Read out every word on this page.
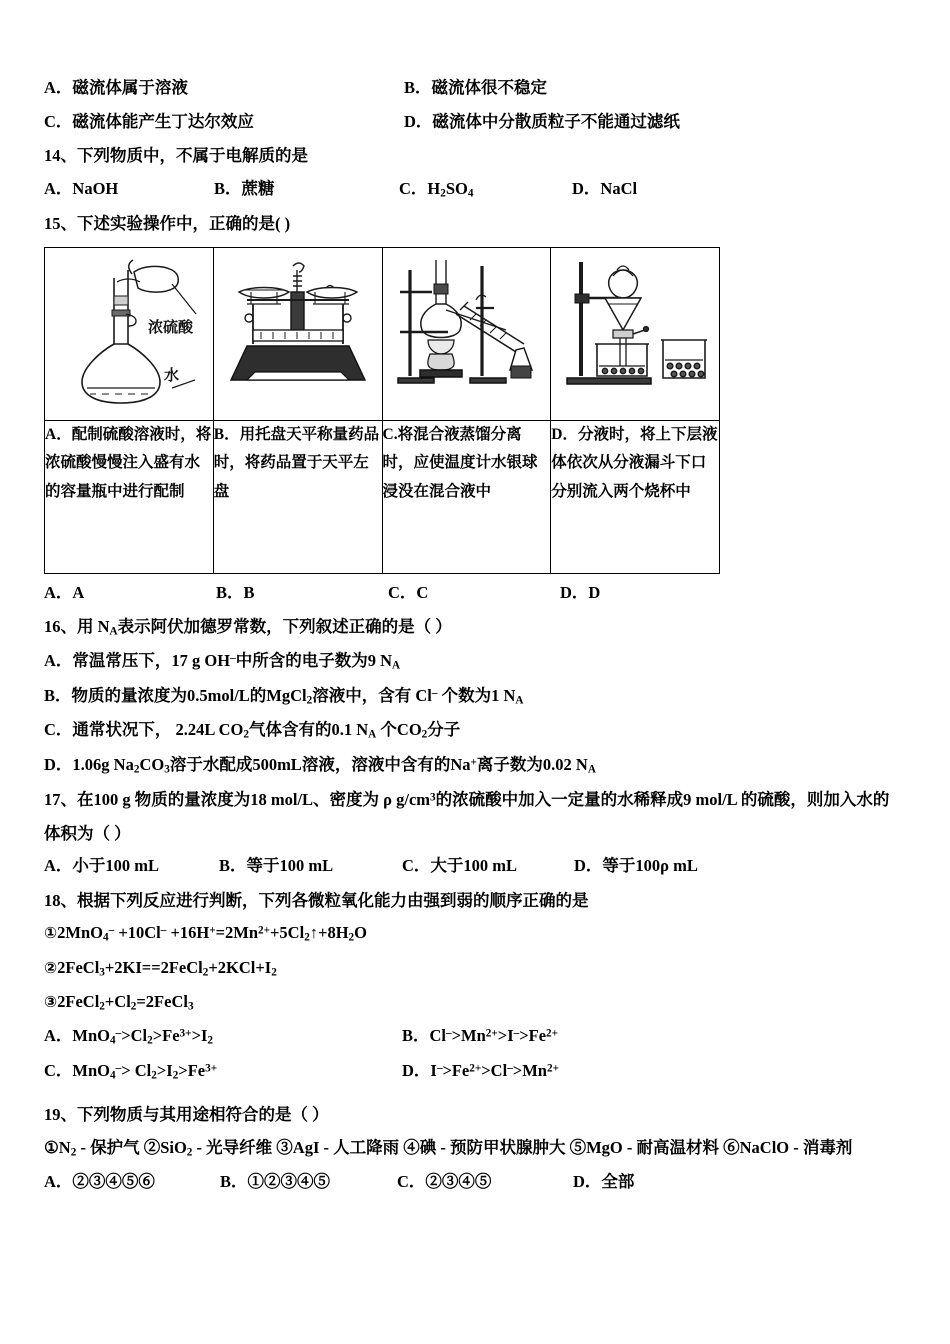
A．磁流体属于溶液	B．磁流体很不稳定
C．磁流体能产生丁达尔效应	D．磁流体中分散质粒子不能通过滤纸
14、下列物质中，不属于电解质的是
A．NaOH	B．蔗糖	C．$H_2SO_4$	D．NaCl
15、下述实验操作中，正确的是( )
浓硫酸
水

A．配制硫酸溶液时，将浓硫酸慢慢注入盛有水的容量瓶中进行配制	B．用托盘天平称量药品时，将药品置于天平左盘	C.将混合液蒸馏分离时，应使温度计水银球浸没在混合液中	D．分液时，将上下层液体依次从分液漏斗下口分别流入两个烧杯中
A．A	B．B	C．C	D．D
16、用 $N_A$表示阿伏加德罗常数，下列叙述正确的是（ ）
A．常温常压下，17 g OH–中所含的电子数为9 $N_A$
B．物质的量浓度为0.5mol/L的MgCl$_2$溶液中，含有 Cl– 个数为1 $N_A$
C．通常状况下， 2.24L $CO_2$气体含有的0.1 $N_A$ 个$CO_2$分子
D．1.06g $Na_2CO_3$溶于水配成500mL溶液，溶液中含有的Na+离子数为0.02 $N_A$
17、在100 g 物质的量浓度为18 mol/L、密度为 ρ $g/cm^3$的浓硫酸中加入一定量的水稀释成9 mol/L 的硫酸，则加入水的
体积为（ ）
A．小于100 mL	B．等于100 mL	C．大于100 mL	D．等于100ρ mL
18、根据下列反应进行判断，下列各微粒氧化能力由强到弱的顺序正确的是
①2MnO$_4$– $+10Cl^- +16H^+=2Mn^{2+}+5Cl_2↑+8H_2O$
$②2FeCl_3+2KI==2FeCl_2+2KCl+I_2$
$③2FeCl_2+Cl_2=2FeCl_3$
A．$MnO_4^->Cl_2>Fe^{3+}>I_2$	B．$Cl^->Mn^{2+}>I^->Fe^{2+}$
C．$MnO_4^-> Cl_2>I_2>Fe^{3+}$	D．$I^->Fe^{2+}>Cl^->Mn^{2+}$
19、下列物质与其用途相符合的是（ ）
$①N_2$ - 保护气 ②SiO$_2$ - 光导纤维 ③AgI - 人工降雨 ④碘 - 预防甲状腺肿大 ⑤MgO - 耐高温材料 ⑥NaClO - 消毒剂
A．②③④⑤⑥	B．①②③④⑤	C．②③④⑤	D．全部
